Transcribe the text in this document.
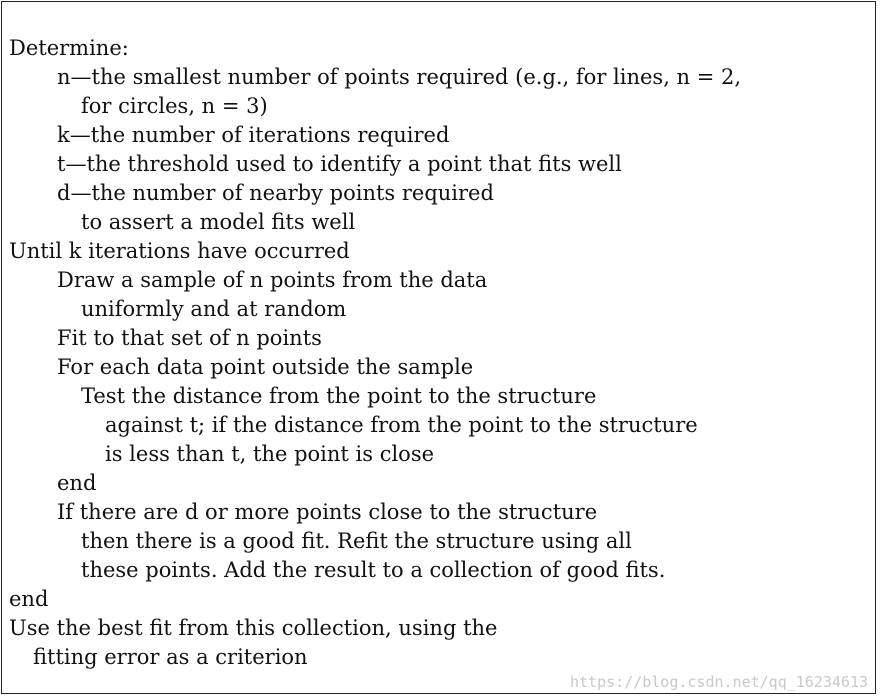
Determine:
n—the smallest number of points required (e.g., for lines, n = 2,
for circles, n = 3)
k—the number of iterations required
t—the threshold used to identify a point that fits well
d—the number of nearby points required
to assert a model fits well
Until k iterations have occurred
Draw a sample of n points from the data
uniformly and at random
Fit to that set of n points
For each data point outside the sample
Test the distance from the point to the structure
against t; if the distance from the point to the structure
is less than t, the point is close
end
If there are d or more points close to the structure
then there is a good fit. Refit the structure using all
these points. Add the result to a collection of good fits.
end
Use the best fit from this collection, using the
fitting error as a criterion
https://blog.csdn.net/qq_16234613
